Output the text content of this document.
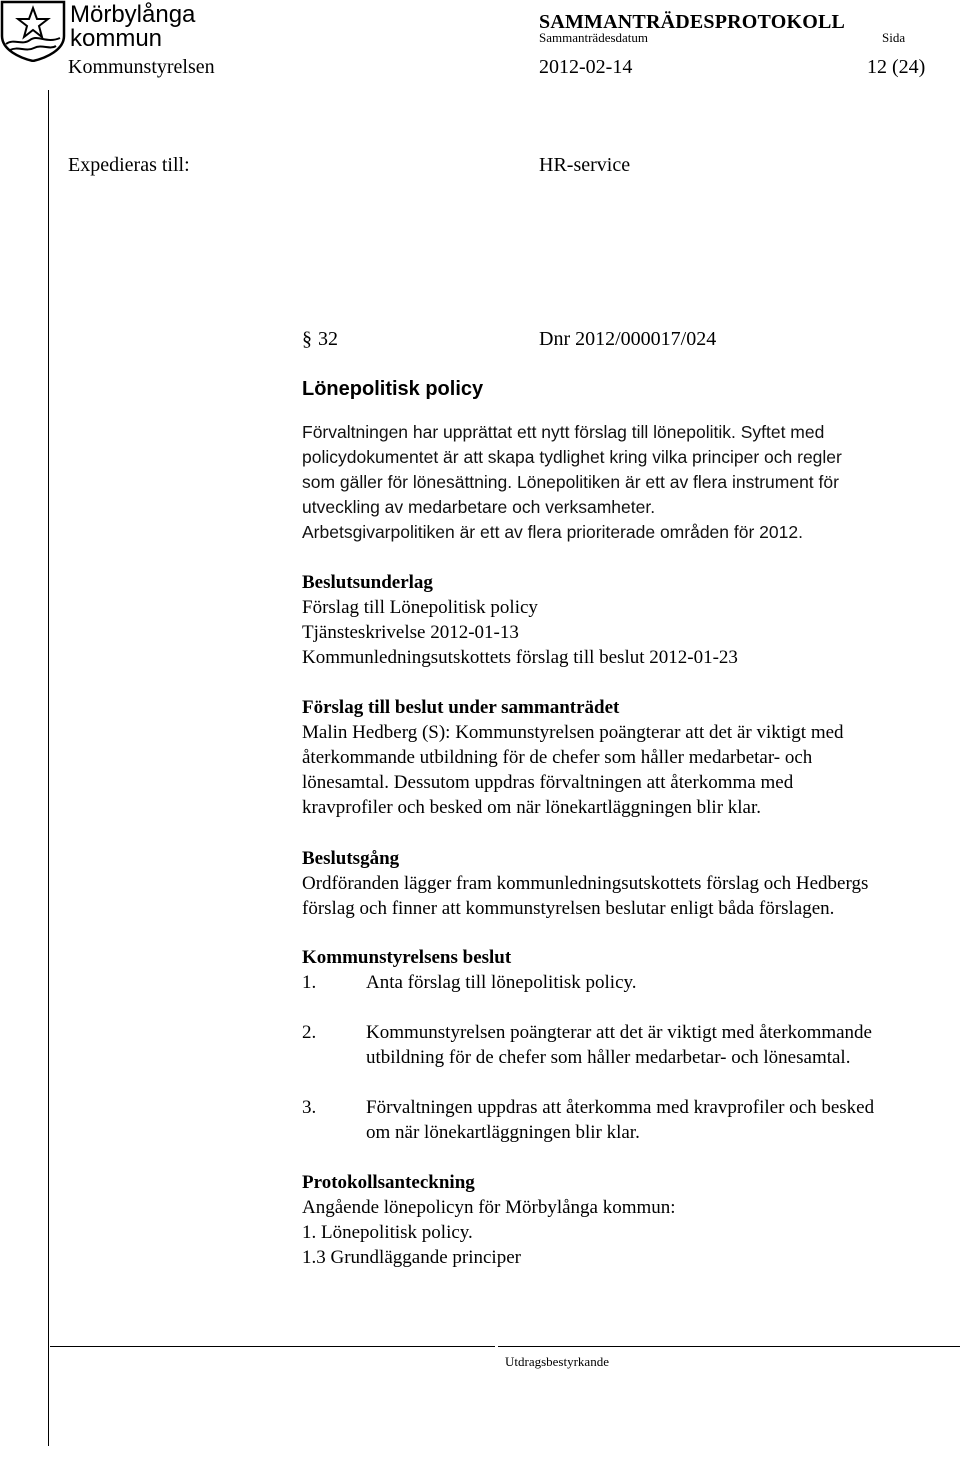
Mörbylånga
kommun
SAMMANTRÄDESPROTOKOLL
Sammanträdesdatum	Sida
Kommunstyrelsen	2012-02-14	12 (24)
Expedieras till:	HR-service
§ 32	Dnr 2012/000017/024
Lönepolitisk policy
Förvaltningen har upprättat ett nytt förslag till lönepolitik. Syftet med
policydokumentet är att skapa tydlighet kring vilka principer och regler
som gäller för lönesättning. Lönepolitiken är ett av flera instrument för
utveckling av medarbetare och verksamheter.
Arbetsgivarpolitiken är ett av flera prioriterade områden för 2012.
Beslutsunderlag
Förslag till Lönepolitisk policy
Tjänsteskrivelse 2012-01-13
Kommunledningsutskottets förslag till beslut 2012-01-23
Förslag till beslut under sammanträdet
Malin Hedberg (S): Kommunstyrelsen poängterar att det är viktigt med
återkommande utbildning för de chefer som håller medarbetar- och
lönesamtal. Dessutom uppdras förvaltningen att återkomma med
kravprofiler och besked om när lönekartläggningen blir klar.
Beslutsgång
Ordföranden lägger fram kommunledningsutskottets förslag och Hedbergs
förslag och finner att kommunstyrelsen beslutar enligt båda förslagen.
Kommunstyrelsens beslut
1.	Anta förslag till lönepolitisk policy.
2.	Kommunstyrelsen poängterar att det är viktigt med återkommande
utbildning för de chefer som håller medarbetar- och lönesamtal.
3.	Förvaltningen uppdras att återkomma med kravprofiler och besked
om när lönekartläggningen blir klar.
Protokollsanteckning
Angående lönepolicyn för Mörbylånga kommun:
1. Lönepolitisk policy.
1.3 Grundläggande principer
Utdragsbestyrkande
